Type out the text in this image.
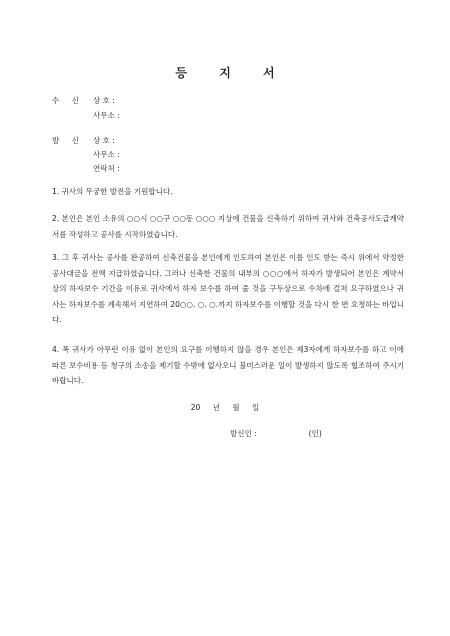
등 지 서
수 신 상 호 :
사무소 :
발 신 상 호 :
사무소 :
연락처 :
1. 귀사의 무궁한 발전을 기원합니다.
2. 본인은 본인 소유의 ○○시 ○○구 ○○동 ○○○ 지상에 건물을 신축하기 위하여 귀사와 건축공사도급계약서를 작성하고 공사를 시작하였습니다.
3. 그 후 귀사는 공사를 완공하여 신축건물을 본인에게 인도하여 본인은 이를 인도 받는 즉시 위에서 약정한 공사대금을 전액 지급하였습니다. 그러나 신축한 건물의 내부의 ○○○에서 하자가 발생되어 본인은 계약서상의 하자보수 기간을 이유로 귀사에서 하자 보수를 하여 줄 것을 구두상으로 수차에 걸쳐 요구하였으나 귀사는 하자보수를 계속해서 지연하여 20○○. ○. ○.까지 하자보수를 이행할 것을 다시 한 번 요청하는 바입니다.
4. 폭 귀사가 아무런 이유 없이 본인의 요구를 이행하지 않을 경우 본인은 제3자에게 하자보수를 하고 이에 따른 보수비용 등 청구의 소송을 제기할 수밖에 없사오니 불미스러운 일이 발생하지 않도록 협조하여 주시기 바랍니다.
20 년 월 일
발신인 :	(인)
